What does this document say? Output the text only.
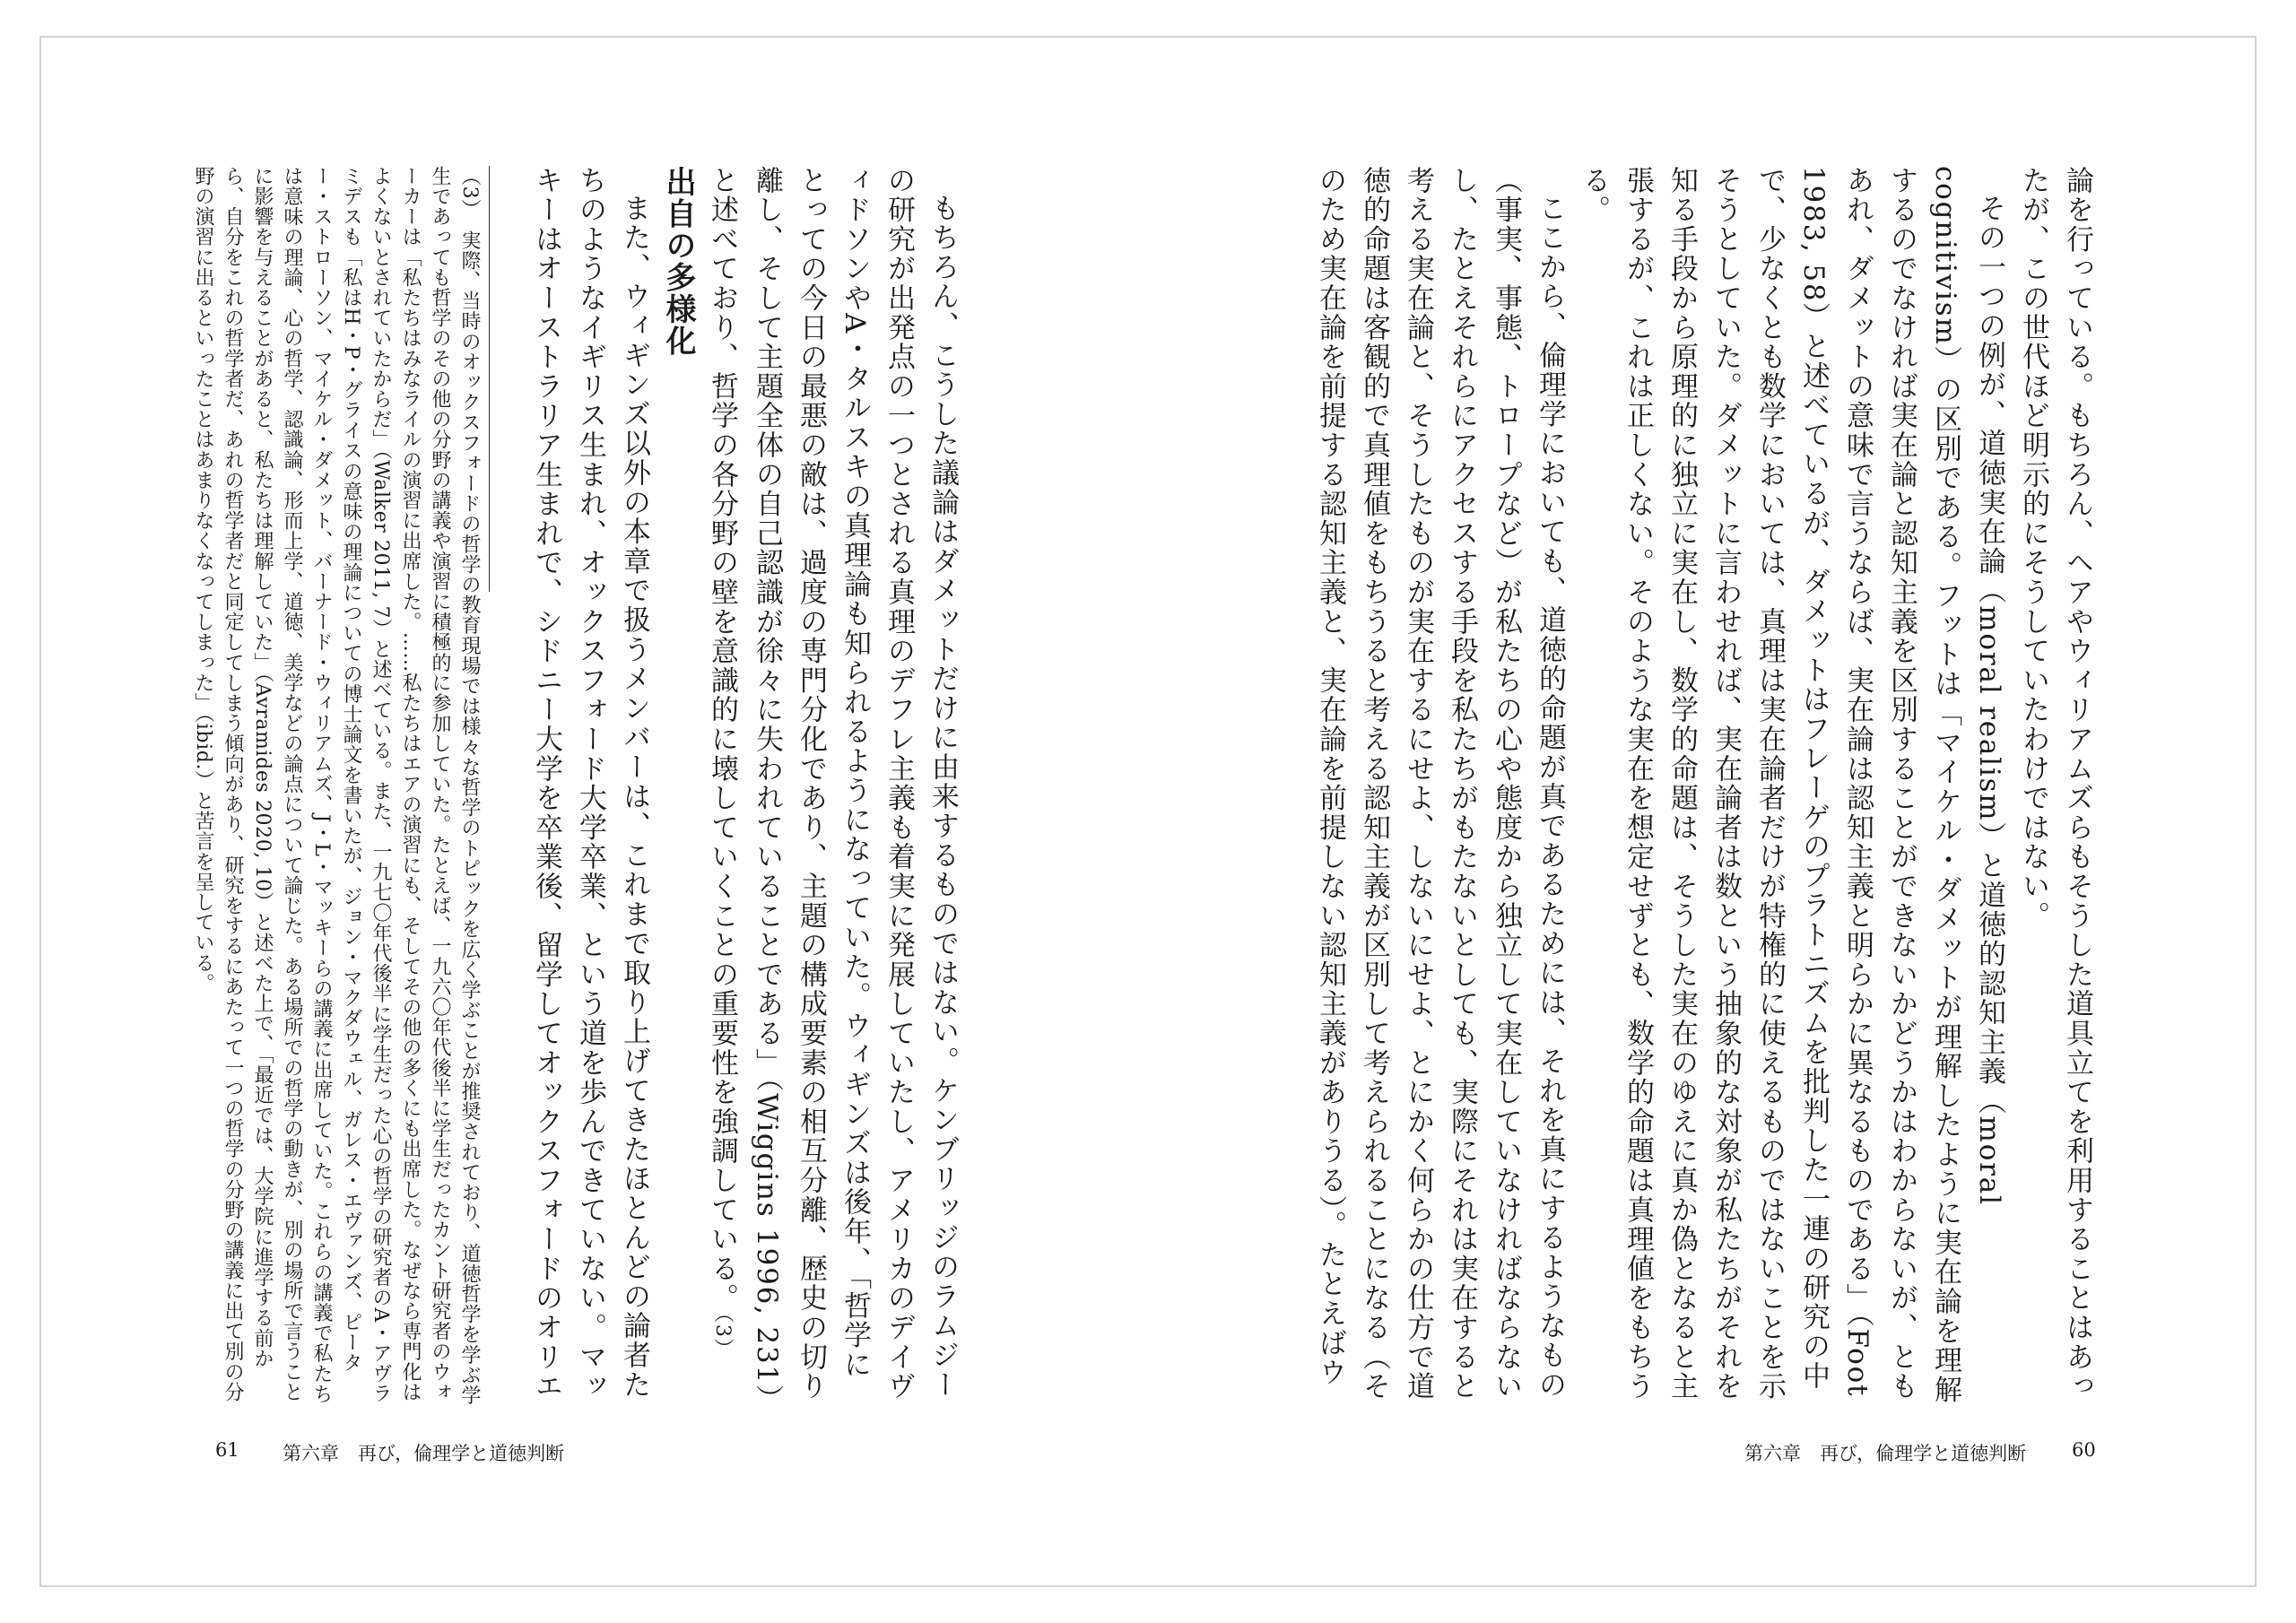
論を行っている。もちろん、ヘアやウィリアムズらもそうした道具立てを利用することはあったが、この世代ほど明示的にそうしていたわけではない。

その一つの例が、道徳実在論（moral realism）と道徳的認知主義（moral cognitivism）の区別である。フットは「マイケル・ダメットが理解したように実在論を理解するのでなければ実在論と認知主義を区別することができないかどうかはわからないが、ともあれ、ダメットの意味で言うならば、実在論は認知主義と明らかに異なるものである」（Foot 1983, 58）と述べているが、ダメットはフレーゲのプラトニズムを批判した一連の研究の中で、少なくとも数学においては、真理は実在論者だけが特権的に使えるものではないことを示そうとしていた。ダメットに言わせれば、実在論者は数という抽象的な対象が私たちがそれを知る手段から原理的に独立に実在し、数学的命題は、そうした実在のゆえに真か偽となると主張するが、これは正しくない。そのような実在を想定せずとも、数学的命題は真理値をもちうる。

ここから、倫理学においても、道徳的命題が真であるためには、それを真にするようなもの（事実、事態、トロープなど）が私たちの心や態度から独立して実在していなければならないし、たとえそれらにアクセスする手段を私たちがもたないとしても、実際にそれは実在すると考える実在論と、そうしたものが実在するにせよ、しないにせよ、とにかく何らかの仕方で道徳的命題は客観的で真理値をもちうると考える認知主義が区別して考えられることになる（そのため実在論を前提する認知主義と、実在論を前提しない認知主義がありうる）。たとえばウ

第六章　再び，倫理学と道徳判断 60

もちろん、こうした議論はダメットだけに由来するものではない。ケンブリッジのラムジーの研究が出発点の一つとされる真理のデフレ主義も着実に発展していたし、アメリカのデイヴィドソンやA・タルスキの真理論も知られるようになっていた。ウィギンズは後年、「哲学にとっての今日の最悪の敵は、過度の専門分化であり、主題の構成要素の相互分離、歴史の切り離し、そして主題全体の自己認識が徐々に失われていることである」（Wiggins 1996, 231）と述べており、哲学の各分野の壁を意識的に壊していくことの重要性を強調している。（3）

出自の多様化

また、ウィギンズ以外の本章で扱うメンバーは、これまで取り上げてきたほとんどの論者たちのようなイギリス生まれ、オックスフォード大学卒業、という道を歩んできていない。マッキーはオーストラリア生まれで、シドニー大学を卒業後、留学してオックスフォードのオリエ

（3）　実際、当時のオックスフォードの哲学の教育現場では様々な哲学のトピックを広く学ぶことが推奨されており、道徳哲学を学ぶ学生であっても哲学のその他の分野の講義や演習に積極的に参加していた。たとえば、一九六〇年代後半に学生だったカント研究者のウォーカーは「私たちはみなライルの演習に出席した。……私たちはエアの演習にも、そしてその他の多くにも出席した。なぜなら専門化はよくないとされていたからだ」（Walker 2011, 7）と述べている。また、一九七〇年代後半に学生だった心の哲学の研究者のA・アヴラミデスも「私はH・P・グライスの意味の理論についての博士論文を書いたが、ジョン・マクダウェル、ガレス・エヴァンズ、ピーター・ストローソン、マイケル・ダメット、バーナード・ウィリアムズ、J・L・マッキーらの講義に出席していた。これらの講義で私たちは意味の理論、心の哲学、認識論、形而上学、道徳、美学などの論点について論じた。ある場所での哲学の動きが、別の場所で言うことに影響を与えることがあると、私たちは理解していた」（Avramides 2020, 10）と述べた上で、「最近では、大学院に進学する前から、自分をこれの哲学者だ、あれの哲学者だと同定してしまう傾向があり、研究をするにあたって一つの哲学の分野の講義に出て別の分野の演習に出るといったことはあまりなくなってしまった」（ibid.）と苦言を呈している。

61 第六章　再び，倫理学と道徳判断
